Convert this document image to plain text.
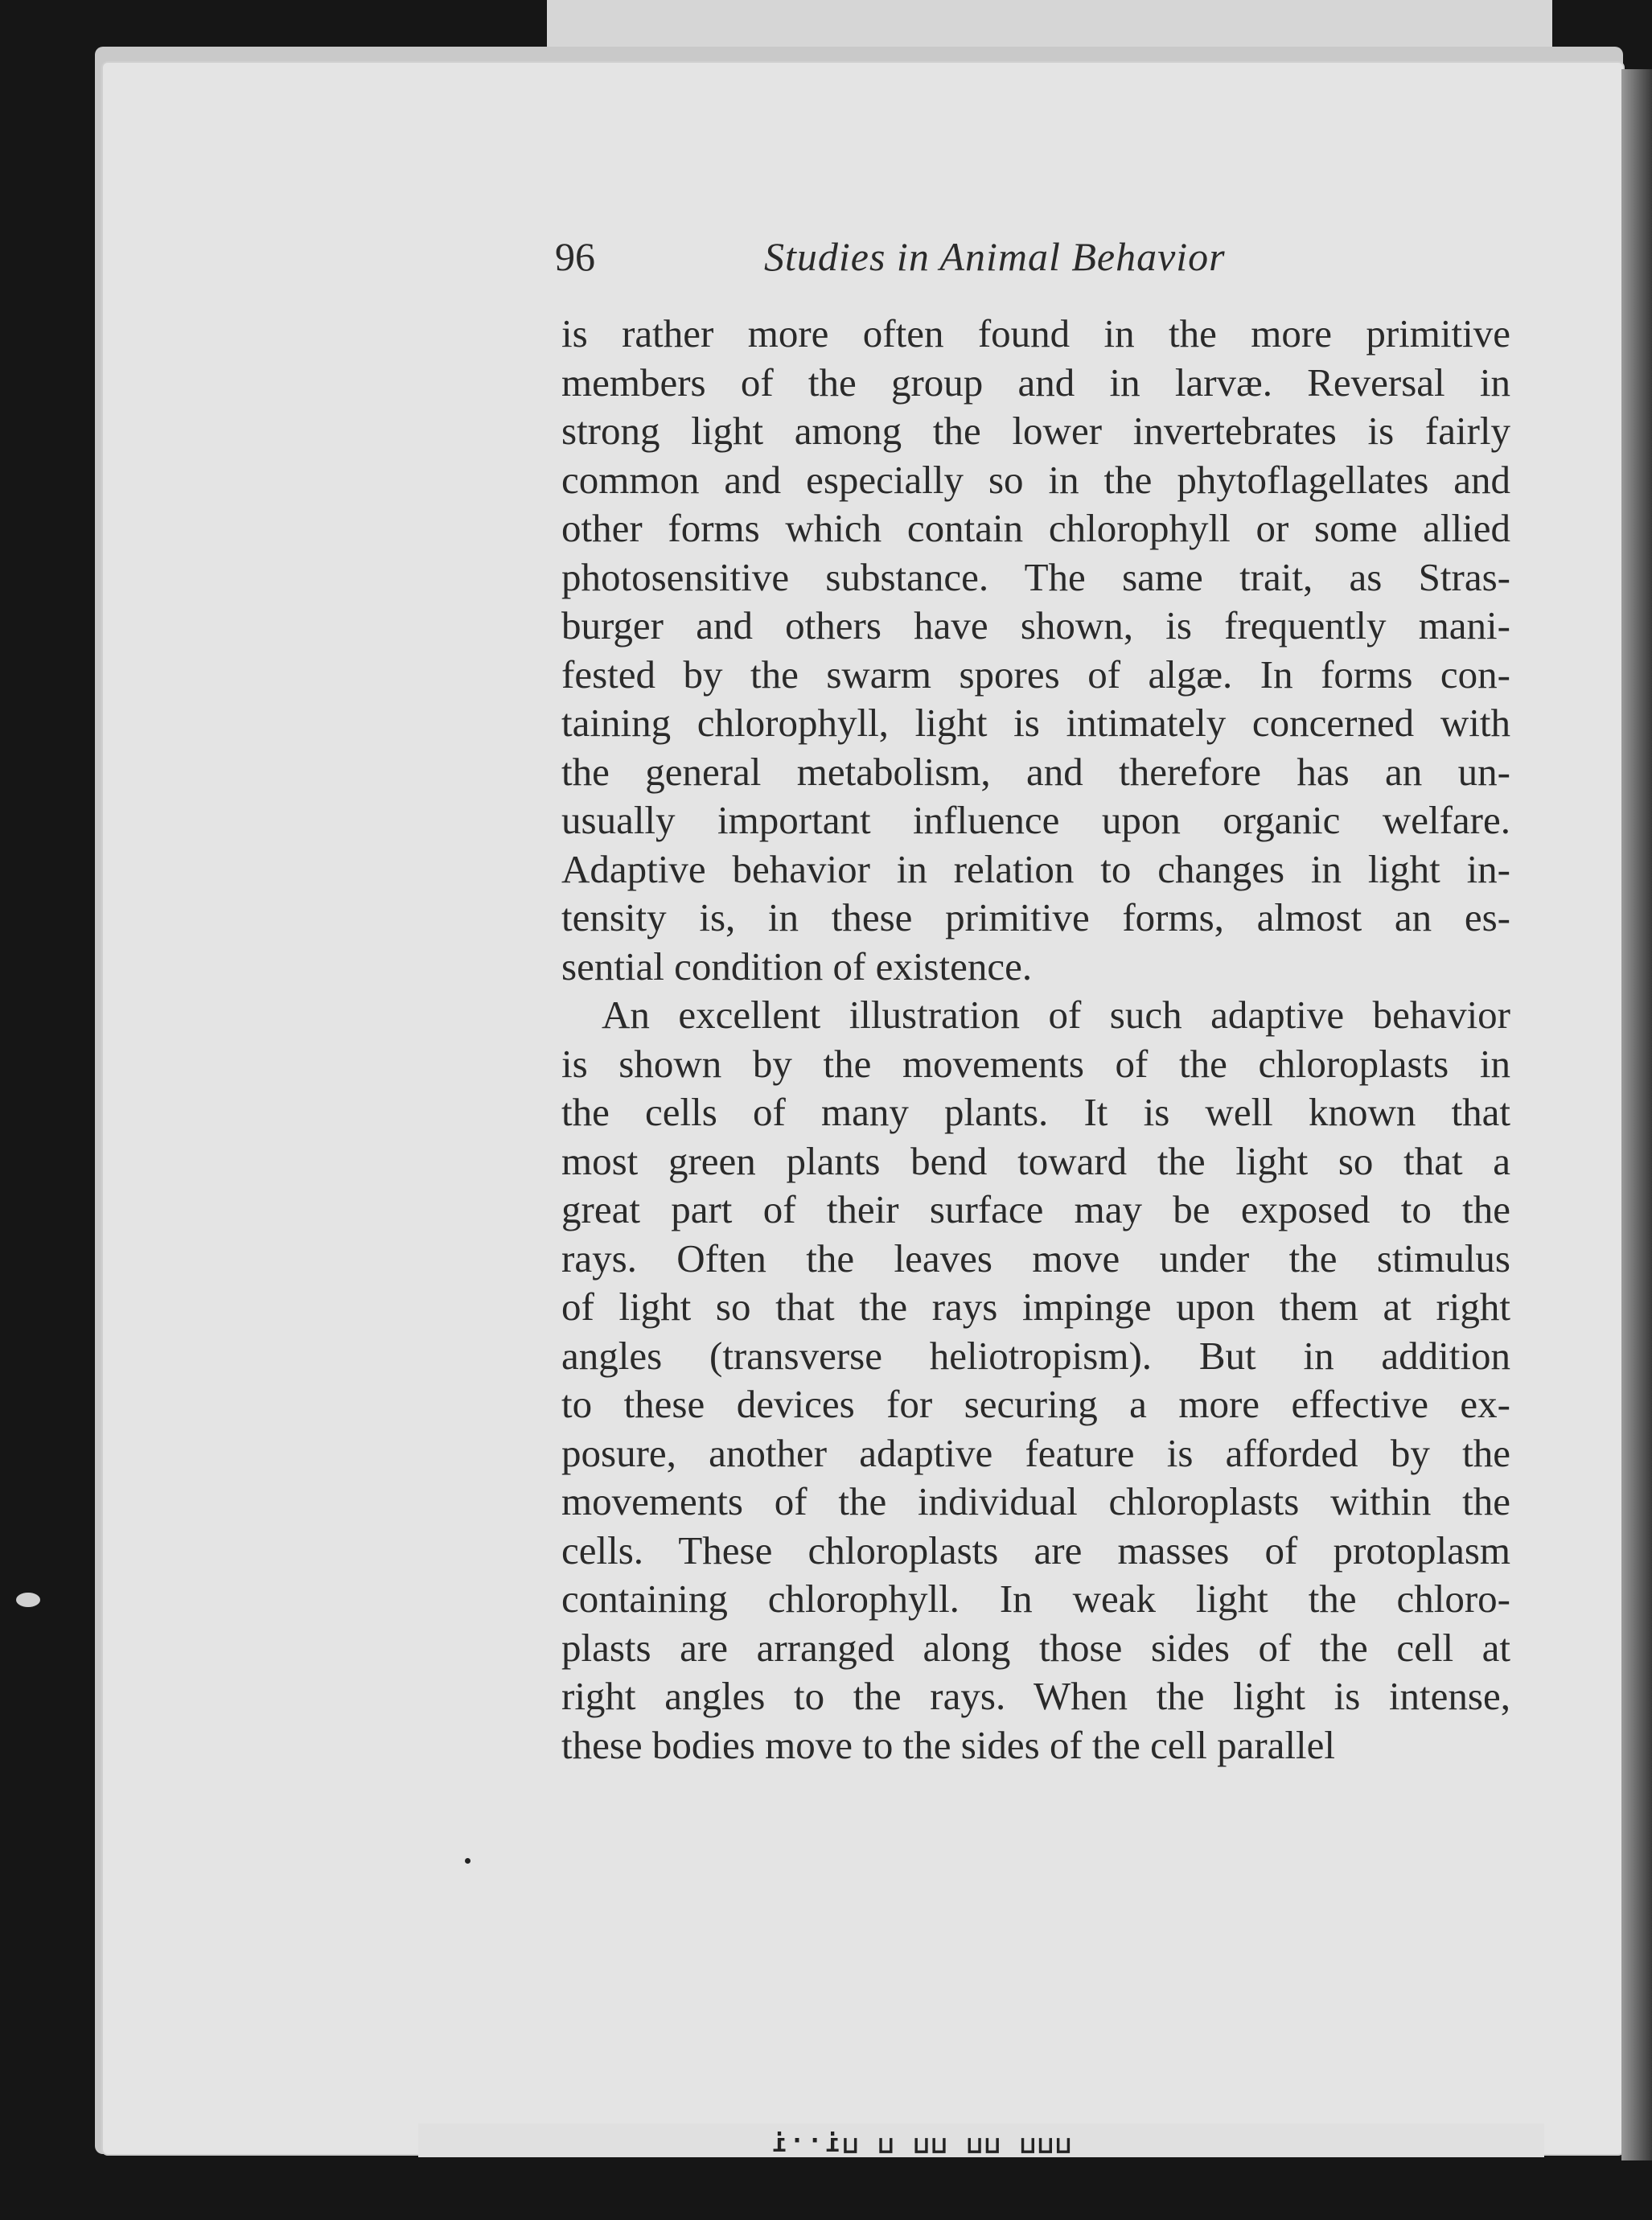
ᴉ..ᴉ⊓ ⊓ ⊓⊓ ⊓⊓ ⊓⊓⊓
96	Studies in Animal Behavior
is rather more often found in the more primitive
members of the group and in larvæ. Reversal in
strong light among the lower invertebrates is fairly
common and especially so in the phytoflagellates and
other forms which contain chlorophyll or some allied
photosensitive substance. The same trait, as Stras-
burger and others have shown, is frequently mani-
fested by the swarm spores of algæ. In forms con-
taining chlorophyll, light is intimately concerned with
the general metabolism, and therefore has an un-
usually important influence upon organic welfare.
Adaptive behavior in relation to changes in light in-
tensity is, in these primitive forms, almost an es-
sential condition of existence.
An excellent illustration of such adaptive behavior
is shown by the movements of the chloroplasts in
the cells of many plants. It is well known that
most green plants bend toward the light so that a
great part of their surface may be exposed to the
rays. Often the leaves move under the stimulus
of light so that the rays impinge upon them at right
angles (transverse heliotropism). But in addition
to these devices for securing a more effective ex-
posure, another adaptive feature is afforded by the
movements of the individual chloroplasts within the
cells. These chloroplasts are masses of protoplasm
containing chlorophyll. In weak light the chloro-
plasts are arranged along those sides of the cell at
right angles to the rays. When the light is intense,
these bodies move to the sides of the cell parallel
